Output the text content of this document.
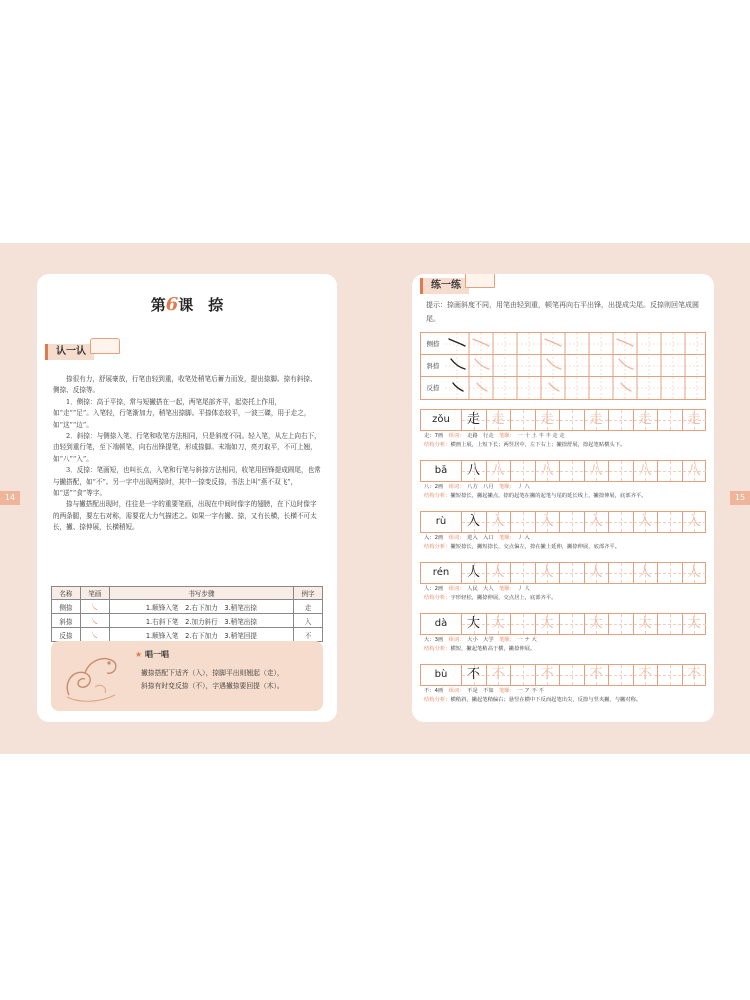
14	15
第6课　 捺
认一认

捺很有力，舒展豪放，行笔由轻到重，收笔处稍笔后蓄力而发，提出捺脚。捺有斜捺、侧捺、反捺等。

1．侧捺：高于平捺，常与短撇搭在一起，两笔尾部齐平，起姿托上作用，如“走”“足”。入笔轻，行笔渐加力，稍笔出捺脚。平捺体态较平，一波三磔，用于走之，如“这”“边”。

2．斜捺：与侧捺入笔、行笔和收笔方法相同，只是斜度不同。轻入笔，从左上向右下，由轻到重行笔，至下端顿笔，向右出锋提笔，形成捺脚。末端如刀，亮刃取平，不可上翘，如“八”“入”。

3．反捺：笔画短，也叫长点，入笔和行笔与斜捺方法相同，收笔用回锋提成圆尾，也常与撇搭配，如“不”。另一字中出现两捺时，其中一捺变反捺，书法上叫“燕不双飞”，如“送”“食”等字。

捺与撇搭配出现时，往往是一字的重要笔画，出现在中间时像字的翅膀，在下边时像字的两条腿，要左右对称，需要花大力气描述之。如果一字有撇、捺，又有长横，长横不可太长，撇、捺伸展，长横稍短。

名称	笔画	书写步骤	例字
侧捺	㇏	1.顺锋入笔　2.右下加力　3.稍笔出捺	走
斜捺	㇏	1.右斜下笔　2.加力斜行　3.稍笔出捺	入
反捺	㇏	1.顺锋入笔　2.右下加力　3.稍笔回提	不
★ 唱一唱
撇捺搭配下适齐（入），捺脚平出则翘起（走），
斜捺有时变反捺（不），字遇撇捺要回提（木）。
练一练
提示：捺画斜度不同，用笔由轻到重，顿笔再向右平出锋，出提成尖尾。反捺则回笔成圆尾。
侧捺
斜捺
反捺
zǒu	走 走	走	走	走	走
走：7画　 组词：　 走路　行走　 笔顺：　 一 十 土 丰 丰 走 走　
结构分析：横画上展，上短下长；两竖居中，左下右上；撇捺舒展，捺起笔贴横头下。
bā	八 八	八	八	八	八
八：2画　 组词：　 八方　八月　 笔顺：　 丿 八　
结构分析：撇短捺长，撇起撇点，捺的起笔在撇的起笔与尾的延长线上，撇捺伸展，底部齐平。
rù	入 入	入	入	入	入
入：2画　 组词：　 进入　入口　 笔顺：　 丿 入　
结构分析：撇短捺长，撇短捺长，交点偏左，捺在撇上延伸，撇捺伸展，底部齐平。
rén	人 人	人	人	人	人
人：2画　 组词：　 人民　大人　 笔顺：　 丿 人　
结构分析：字形轻松，撇捺伸展，交点居上，底部齐平。
dà	大 大	大	大	大	大
大：3画　 组词：　 大小　大学　 笔顺：　 一 ナ 大　
结构分析：横短，撇起笔稍高于横，撇捺伸展。
bù	不 不	不	不	不	不
不：4画　 组词：　 不是　不如　 笔顺：　 一 ア 不 不　
结构分析：横稍斜，撇起笔稍偏右；悬竖在横中下反而起笔出尖，反捺与竖夹撇，与撇对称。
